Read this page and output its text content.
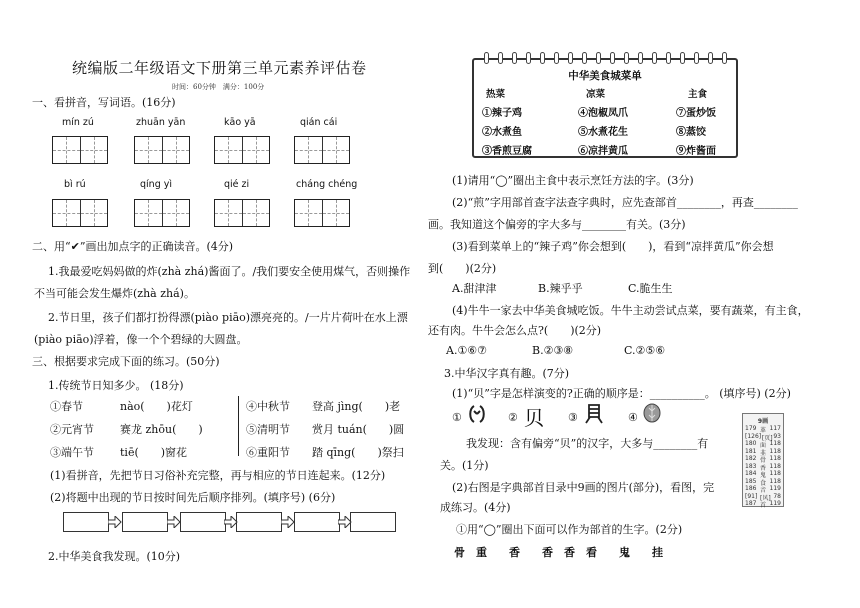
统编版二年级语文下册第三单元素养评估卷
时间：60分钟　满分：100分
一、看拼音，写词语。(16分)
mín zú	zhuān yān	kāo yā	qián cái
bì rú	qíng yì	qié zi	cháng chéng
二、用“✔”画出加点字的正确读音。(4分)
1.我最爱吃妈妈做的炸(zhà zhá)酱面了。/我们要安全使用煤气，否则操作
不当可能会发生爆炸(zhà zhá)。
2.节日里，孩子们都打扮得漂(piào piāo)漂亮亮的。/一片片荷叶在水上漂
(piào piāo)浮着，像一个个碧绿的大圆盘。
三、根据要求完成下面的练习。(50分)
1.传统节日知多少。 (18分)
①春节	nào(　　)花灯
②元宵节 赛龙 zhōu(　　)
③端午节 tiē(　　)窗花
④中秋节 登高 jìng(　　)老
⑤清明节 赏月 tuán(　　)圆
⑥重阳节 踏 qīng(　　)祭扫
(1)看拼音，先把节日习俗补充完整，再与相应的节日连起来。(12分)
(2)将题中出现的节日按时间先后顺序排列。(填序号) (6分)
2.中华美食我发现。(10分)
中华美食城菜单
热菜	凉菜	主食
①辣子鸡	④泡椒凤爪	⑦蛋炒饭
②水煮鱼	⑤水煮花生	⑧蒸饺
③香煎豆腐	⑥凉拌黄瓜	⑨炸酱面
(1)请用“◯”圈出主食中表示烹饪方法的字。(3分)
(2)“煎”字用部首查字法查字典时，应先查部首________，再查________
画。我知道这个偏旁的字大多与________有关。(3分)
(3)看到菜单上的“辣子鸡”你会想到(　　)，看到“凉拌黄瓜”你会想
到(　　)(2分)
A.甜津津	B.辣乎乎	C.脆生生
(4)牛牛一家去中华美食城吃饭。牛牛主动尝试点菜，要有蔬菜，有主食，
还有肉。牛牛会怎么点?(　　)(2分)
A.①⑥⑦	B.②③⑧	C.②⑤⑥
3.中华汉字真有趣。(7分)
(1)“贝”字是怎样演变的?正确的顺序是：__________。 (填序号) (2分)
①	② 贝 ③	④
我发现：含有偏旁“贝”的汉字，大多与________有
关。(1分)
(2)右图是字典部首目录中9画的图片(部分)，看图，完
成练习。(4分)
①用“◯”圈出下面可以作为部首的生字。(2分)
骨　重　　香　　香　香　看　　鬼　　挂
9画
179 革 117
[126] [页] 93
180 面 118
181 韭 118
182 骨 118
183 香 118
184 鬼 118
185 食 118
186 音 119
[91] [风] 78
187 首 119
